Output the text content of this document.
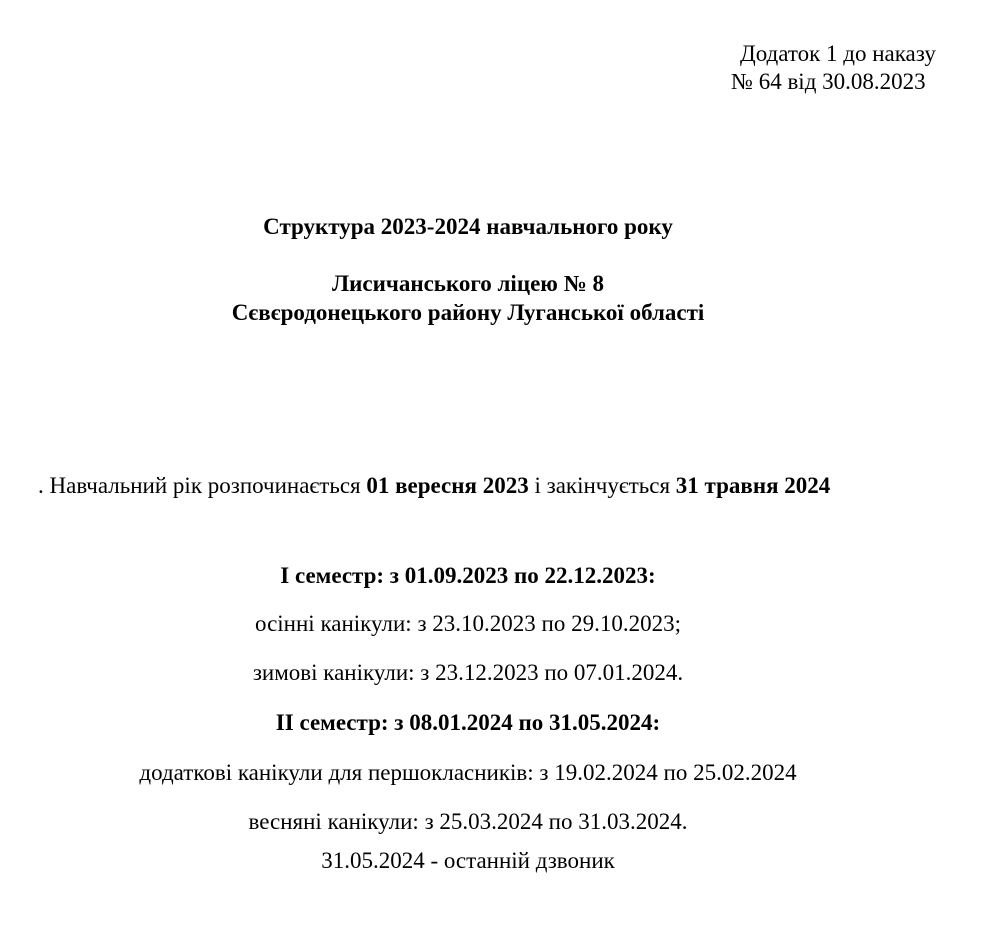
Додаток 1 до наказу
№ 64 від 30.08.2023
Структура 2023-2024 навчального року
Лисичанського ліцею № 8
Сєвєродонецького району Луганської області
. Навчальний рік розпочинається 01 вересня 2023 і закінчується 31 травня 2024
I семестр: з 01.09.2023 по 22.12.2023:
осінні канікули: з 23.10.2023 по 29.10.2023;
зимові канікули: з 23.12.2023 по 07.01.2024.
II семестр: з 08.01.2024 по 31.05.2024:
додаткові канікули для першокласників: з 19.02.2024 по 25.02.2024
весняні канікули: з 25.03.2024 по 31.03.2024.
31.05.2024 - останній дзвоник
